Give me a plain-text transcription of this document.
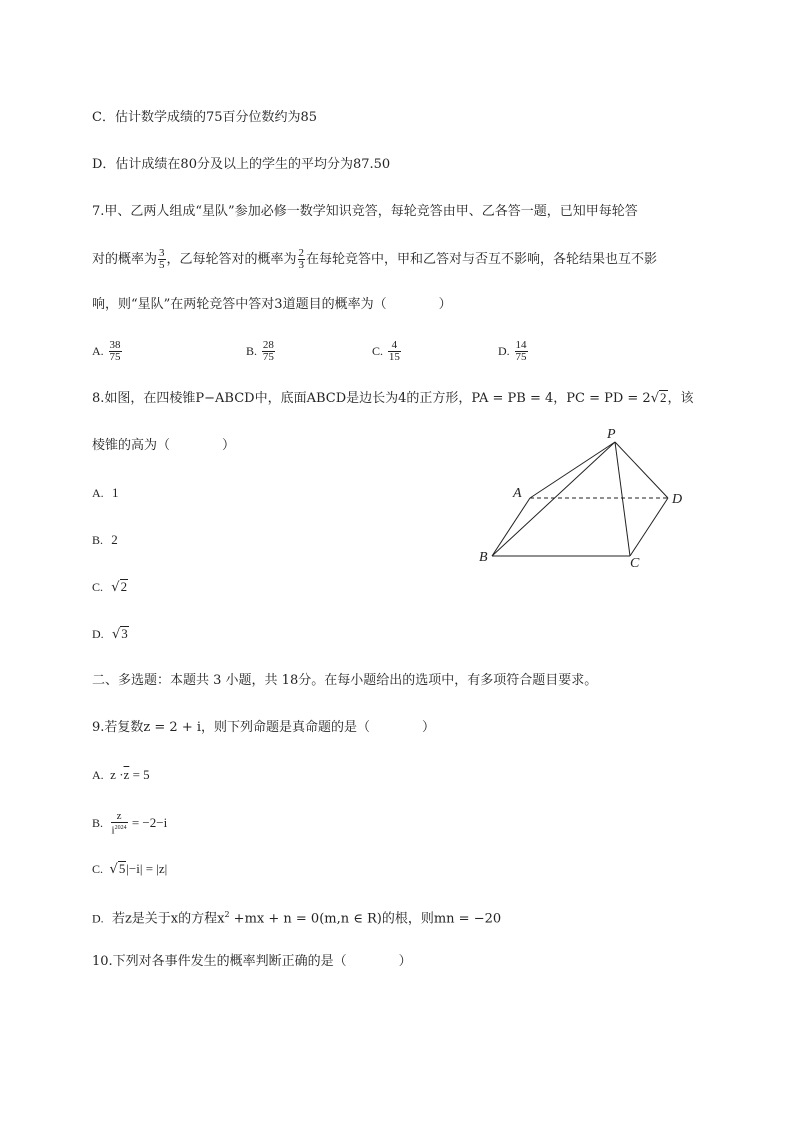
C．估计数学成绩的75百分位数约为85
D．估计成绩在80分及以上的学生的平均分为87.50
7.甲、乙两人组成“星队”参加必修一数学知识竞答，每轮竞答由甲、乙各答一题，已知甲每轮答
对的概率为 $\frac{3}{5}$ ，乙每轮答对的概率为 $\frac{2}{3}$ 在每轮竞答中，甲和乙答对与否互不影响，各轮结果也互不影
响，则“星队”在两轮竞答中答对3道题目的概率为（　　　　）
A. $\frac{38}{75}$	B. $\frac{28}{75}$	C. $\frac{4}{15}$	D. $\frac{14}{75}$
8.如图，在四棱锥P−ABCD中，底面ABCD是边长为4的正方形，PA = PB = 4，PC = PD = 2√2，该
棱锥的高为（　　　　）
A. 1
B. 2
C. √2
D. √3
P
A
B	C
D
二、多选题：本题共 3 小题，共 18分。在每小题给出的选项中，有多项符合题目要求。
9.若复数z = 2 + i，则下列命题是真命题的是（　　　　）
A. $z \cdot\overline{z} = 5$
B. $\frac{z}{i^{2024}} = -2-i$
C. √5|−i| = |z|
D. 若z是关于x的方程$x^2 +mx + n = 0(m,n$ ∈ R)的根，则mn = −20
10.下列对各事件发生的概率判断正确的是（　　　　）
